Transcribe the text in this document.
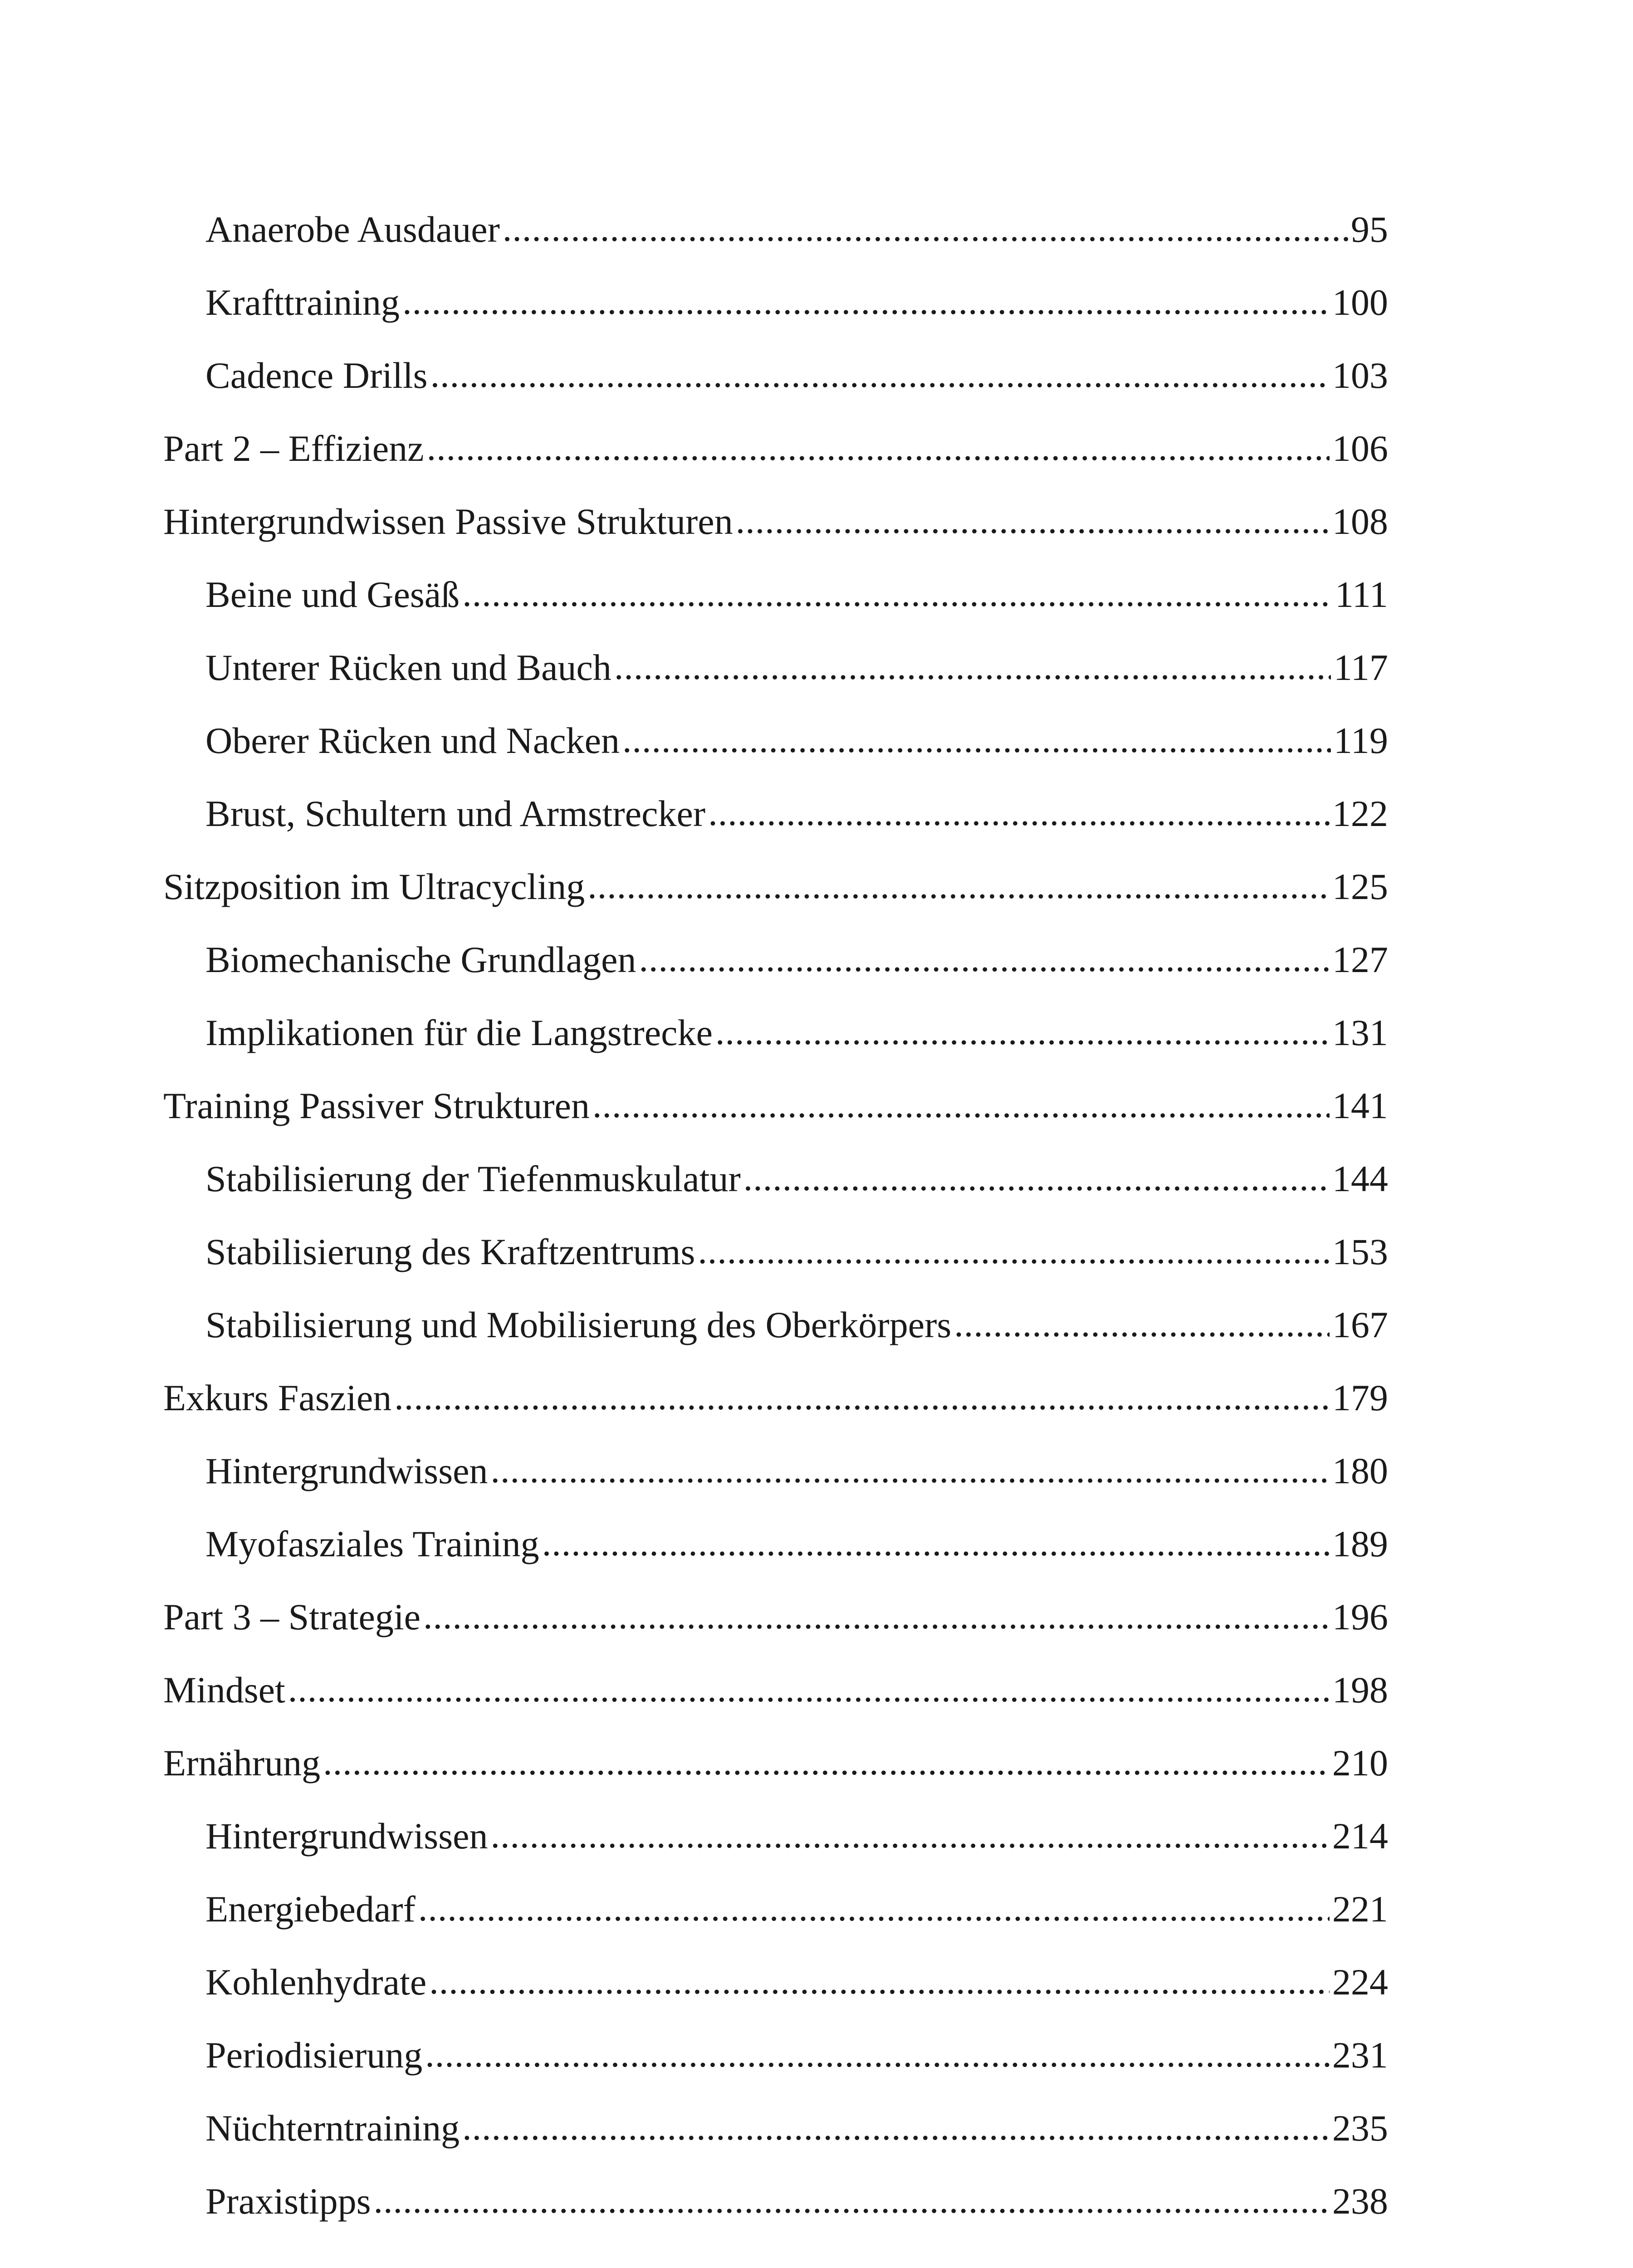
Anaerobe Ausdauer .....	95
Krafttraining .....	100
Cadence Drills .....	103
Part 2 – Effizienz .....	106
Hintergrundwissen Passive Strukturen .....	108
Beine und Gesäß .....	111
Unterer Rücken und Bauch .....	117
Oberer Rücken und Nacken .....	119
Brust, Schultern und Armstrecker .....	122
Sitzposition im Ultracycling .....	125
Biomechanische Grundlagen .....	127
Implikationen für die Langstrecke .....	131
Training Passiver Strukturen .....	141
Stabilisierung der Tiefenmuskulatur .....	144
Stabilisierung des Kraftzentrums .....	153
Stabilisierung und Mobilisierung des Oberkörpers .....	167
Exkurs Faszien .....	179
Hintergrundwissen .....	180
Myofasziales Training .....	189
Part 3 – Strategie .....	196
Mindset .....	198
Ernährung .....	210
Hintergrundwissen .....	214
Energiebedarf .....	221
Kohlenhydrate .....	224
Periodisierung .....	231
Nüchterntraining .....	235
Praxistipps .....	238
